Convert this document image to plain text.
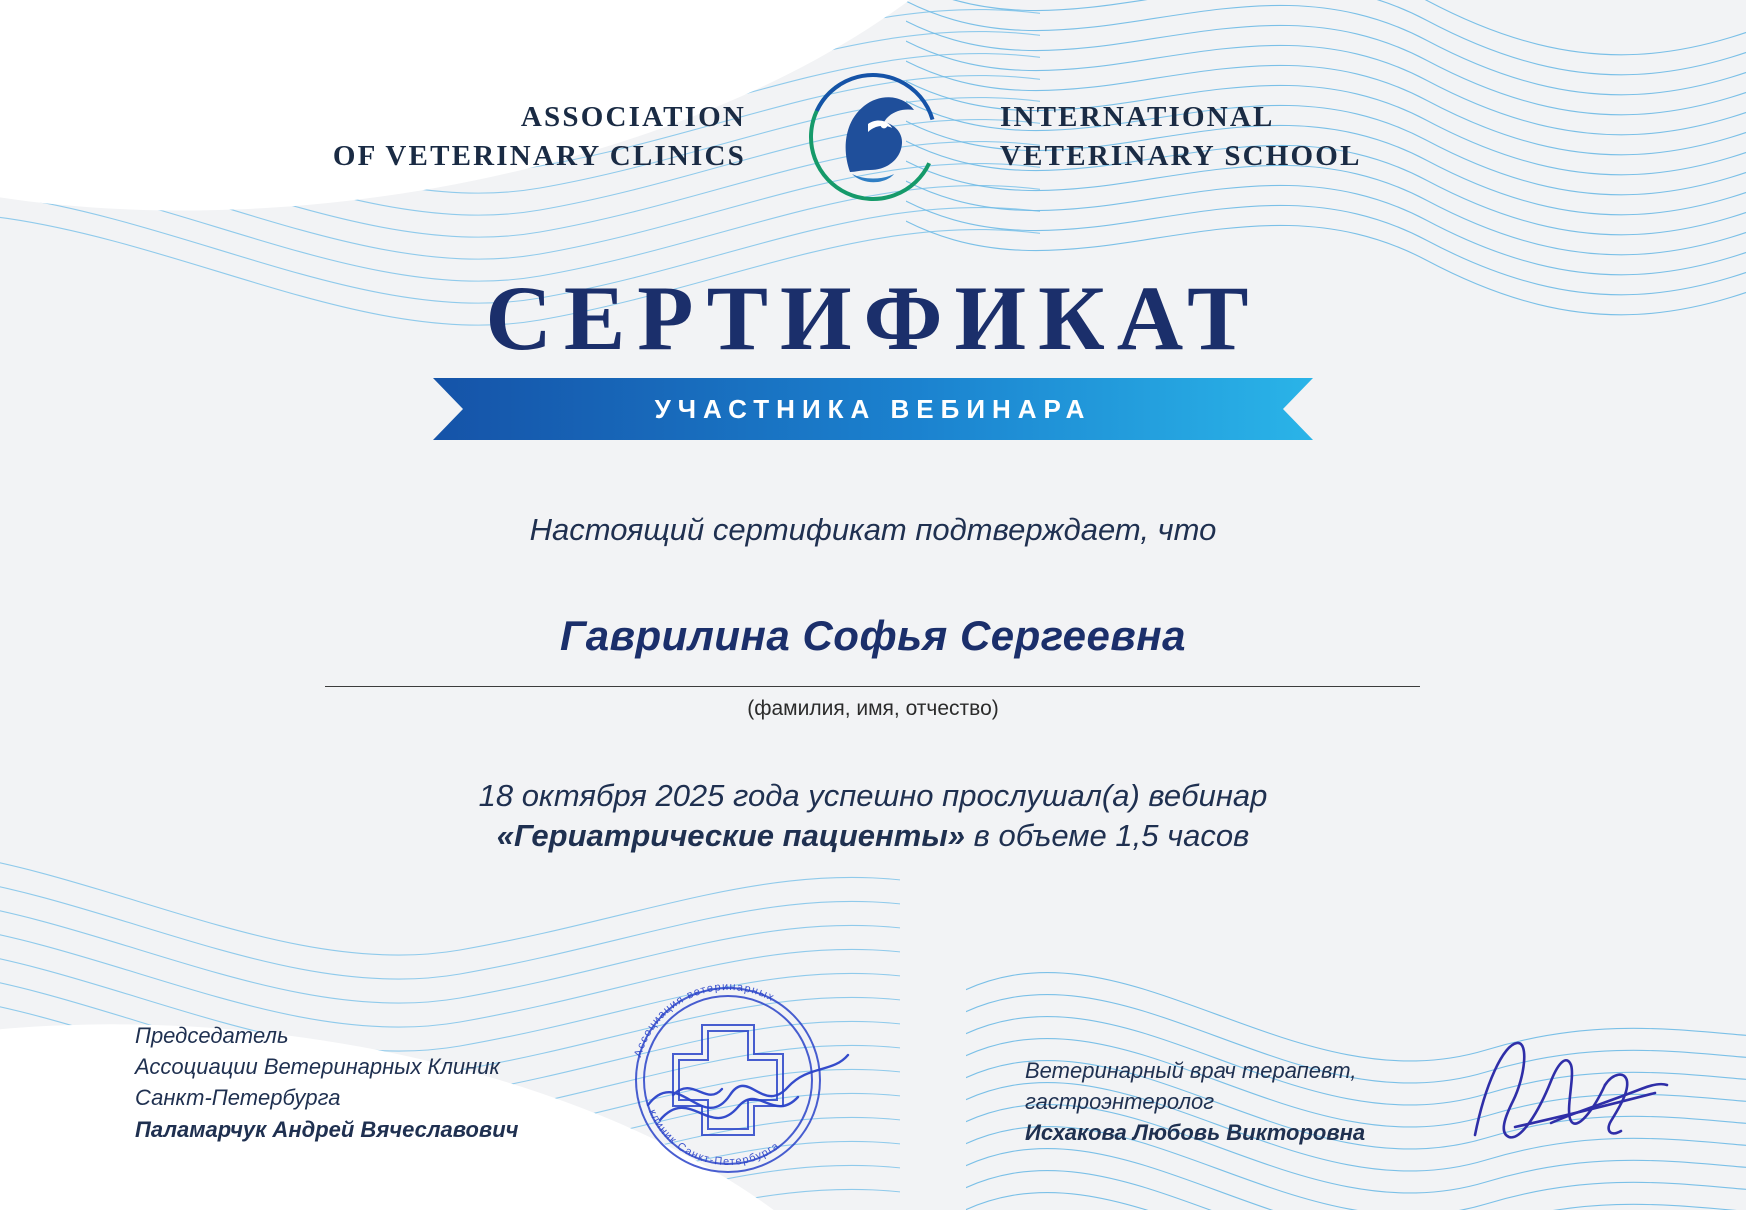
ASSOCIATION
OF VETERINARY CLINICS
INTERNATIONAL
VETERINARY SCHOOL
СЕРТИФИКАТ
УЧАСТНИКА ВЕБИНАРА
Настоящий сертификат подтверждает, что
Гаврилина Софья Сергеевна
(фамилия, имя, отчество)
18 октября 2025 года успешно прослушал(а) вебинар
«Гериатрические пациенты» в объеме 1,5 часов
Председатель
Ассоциации Ветеринарных Клиник
Санкт-Петербурга
Паламарчук Андрей Вячеславович
Ветеринарный врач терапевт,
гастроэнтеролог
Исхакова Любовь Викторовна
Ассоциация ветеринарных
клиник Санкт-Петербурга
